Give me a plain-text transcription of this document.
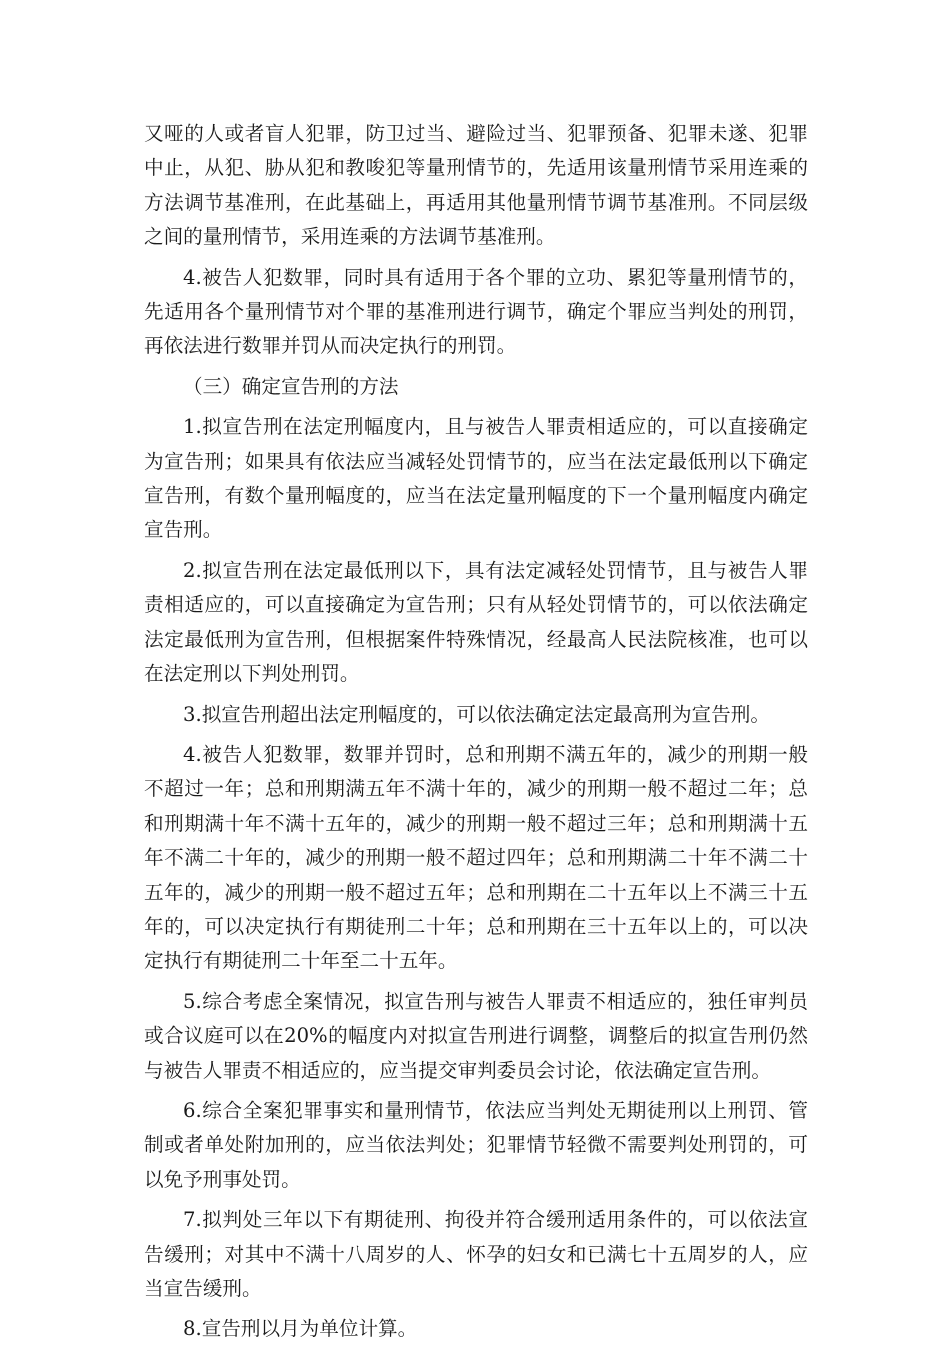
又哑的人或者盲人犯罪，防卫过当、避险过当、犯罪预备、犯罪未遂、犯罪中止，从犯、胁从犯和教唆犯等量刑情节的，先适用该量刑情节采用连乘的方法调节基准刑，在此基础上，再适用其他量刑情节调节基准刑。不同层级之间的量刑情节，采用连乘的方法调节基准刑。

4.被告人犯数罪，同时具有适用于各个罪的立功、累犯等量刑情节的，先适用各个量刑情节对个罪的基准刑进行调节，确定个罪应当判处的刑罚，再依法进行数罪并罚从而决定执行的刑罚。

（三）确定宣告刑的方法

1.拟宣告刑在法定刑幅度内，且与被告人罪责相适应的，可以直接确定为宣告刑；如果具有依法应当减轻处罚情节的，应当在法定最低刑以下确定宣告刑，有数个量刑幅度的，应当在法定量刑幅度的下一个量刑幅度内确定宣告刑。

2.拟宣告刑在法定最低刑以下，具有法定减轻处罚情节，且与被告人罪责相适应的，可以直接确定为宣告刑；只有从轻处罚情节的，可以依法确定法定最低刑为宣告刑，但根据案件特殊情况，经最高人民法院核准，也可以在法定刑以下判处刑罚。

3.拟宣告刑超出法定刑幅度的，可以依法确定法定最高刑为宣告刑。

4.被告人犯数罪，数罪并罚时，总和刑期不满五年的，减少的刑期一般不超过一年；总和刑期满五年不满十年的，减少的刑期一般不超过二年；总和刑期满十年不满十五年的，减少的刑期一般不超过三年；总和刑期满十五年不满二十年的，减少的刑期一般不超过四年；总和刑期满二十年不满二十五年的，减少的刑期一般不超过五年；总和刑期在二十五年以上不满三十五年的，可以决定执行有期徒刑二十年；总和刑期在三十五年以上的，可以决定执行有期徒刑二十年至二十五年。

5.综合考虑全案情况，拟宣告刑与被告人罪责不相适应的，独任审判员或合议庭可以在20%的幅度内对拟宣告刑进行调整，调整后的拟宣告刑仍然与被告人罪责不相适应的，应当提交审判委员会讨论，依法确定宣告刑。

6.综合全案犯罪事实和量刑情节，依法应当判处无期徒刑以上刑罚、管制或者单处附加刑的，应当依法判处；犯罪情节轻微不需要判处刑罚的，可以免予刑事处罚。

7.拟判处三年以下有期徒刑、拘役并符合缓刑适用条件的，可以依法宣告缓刑；对其中不满十八周岁的人、怀孕的妇女和已满七十五周岁的人，应当宣告缓刑。

8.宣告刑以月为单位计算。
